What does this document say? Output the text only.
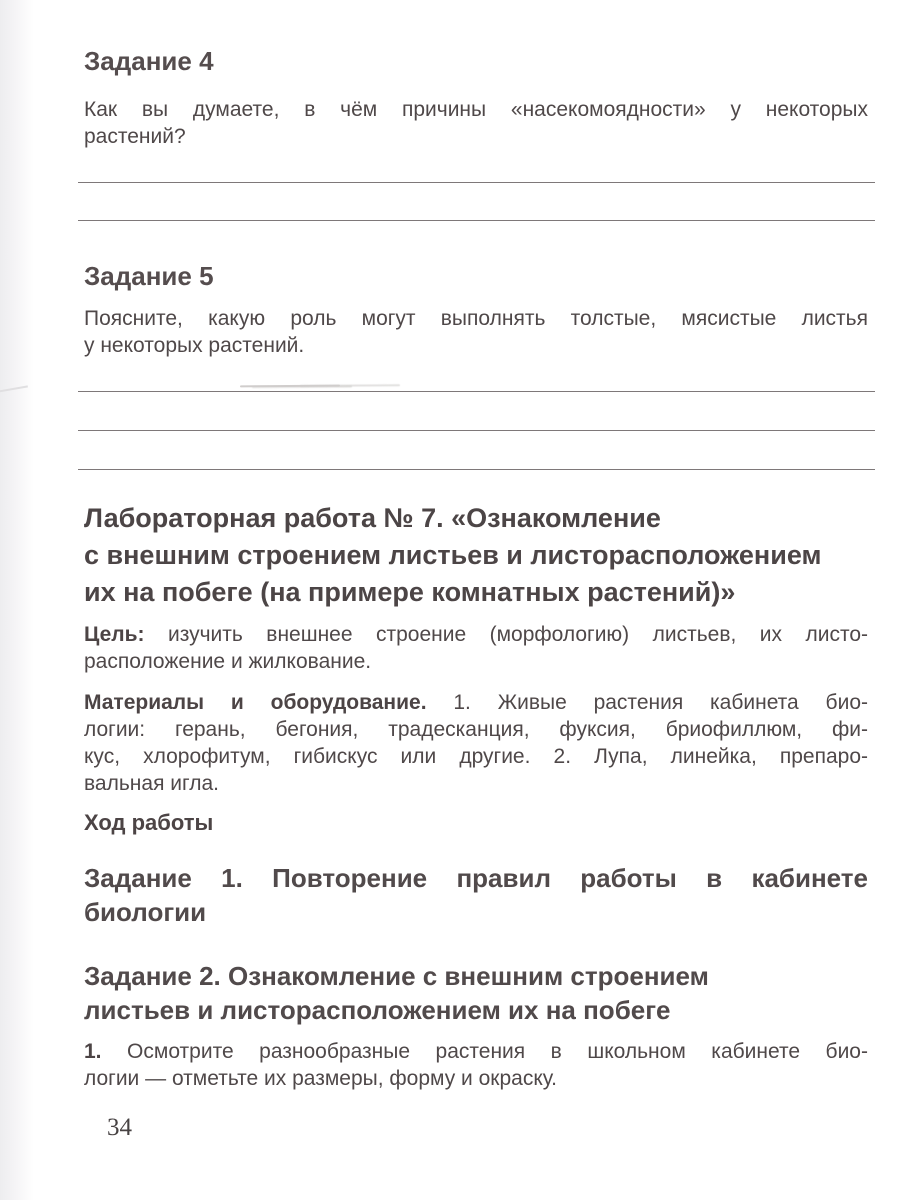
Задание 4
Как вы думаете, в чём причины «насекомоядности» у некоторых
растений?
Задание 5
Поясните, какую роль могут выполнять толстые, мясистые листья
у некоторых растений.
Лабораторная работа № 7. «Ознакомление
с внешним строением листьев и листорасположением
их на побеге (на примере комнатных растений)»
Цель: изучить внешнее строение (морфологию) листьев, их листо-
расположение и жилкование.
Материалы и оборудование. 1. Живые растения кабинета био-
логии: герань, бегония, традесканция, фуксия, бриофиллюм, фи-
кус, хлорофитум, гибискус или другие. 2. Лупа, линейка, препаро-
вальная игла.
Ход работы
Задание 1. Повторение правил работы в кабинете
биологии
Задание 2. Ознакомление с внешним строением
листьев и листорасположением их на побеге
1. Осмотрите разнообразные растения в школьном кабинете био-
логии — отметьте их размеры, форму и окраску.
34
